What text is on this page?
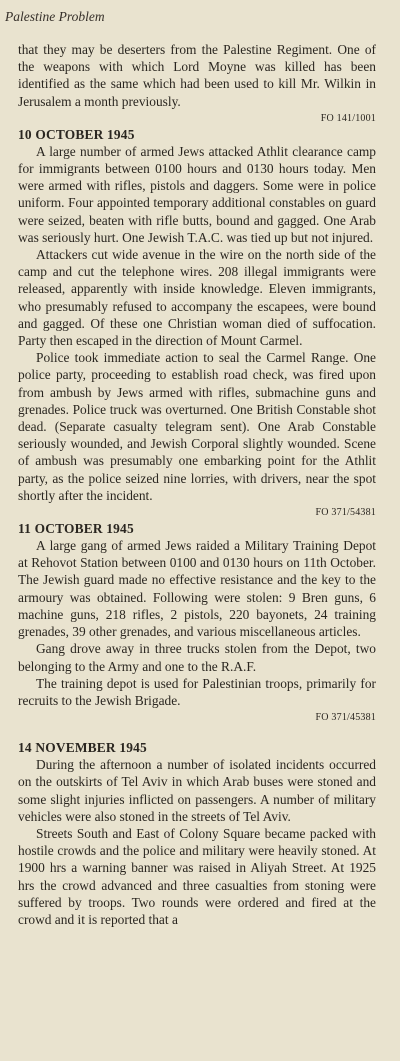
Palestine Problem

that they may be deserters from the Palestine Regiment. One of the weapons with which Lord Moyne was killed has been identified as the same which had been used to kill Mr. Wilkin in Jerusalem a month previously.

FO 141/1001
10 OCTOBER 1945

A large number of armed Jews attacked Athlit clearance camp for immigrants between 0100 hours and 0130 hours today. Men were armed with rifles, pistols and daggers. Some were in police uniform. Four appointed temporary additional constables on guard were seized, beaten with rifle butts, bound and gagged. One Arab was seriously hurt. One Jewish T.A.C. was tied up but not injured.

Attackers cut wide avenue in the wire on the north side of the camp and cut the telephone wires. 208 illegal immigrants were released, apparently with inside knowledge. Eleven immigrants, who presumably refused to accompany the escapees, were bound and gagged. Of these one Christian woman died of suffocation. Party then escaped in the direction of Mount Carmel.

Police took immediate action to seal the Carmel Range. One police party, proceeding to establish road check, was fired upon from ambush by Jews armed with rifles, submachine guns and grenades. Police truck was overturned. One British Constable shot dead. (Separate casualty telegram sent). One Arab Constable seriously wounded, and Jewish Corporal slightly wounded. Scene of ambush was presumably one embarking point for the Athlit party, as the police seized nine lorries, with drivers, near the spot shortly after the incident.

FO 371/54381
11 OCTOBER 1945

A large gang of armed Jews raided a Military Training Depot at Rehovot Station between 0100 and 0130 hours on 11th October. The Jewish guard made no effective resistance and the key to the armoury was obtained. Following were stolen: 9 Bren guns, 6 machine guns, 218 rifles, 2 pistols, 220 bayonets, 24 training grenades, 39 other grenades, and various miscellaneous articles.

Gang drove away in three trucks stolen from the Depot, two belonging to the Army and one to the R.A.F.

The training depot is used for Palestinian troops, primarily for recruits to the Jewish Brigade.

FO 371/45381
14 NOVEMBER 1945

During the afternoon a number of isolated incidents occurred on the outskirts of Tel Aviv in which Arab buses were stoned and some slight injuries inflicted on passengers. A number of military vehicles were also stoned in the streets of Tel Aviv.

Streets South and East of Colony Square became packed with hostile crowds and the police and military were heavily stoned. At 1900 hrs a warning banner was raised in Aliyah Street. At 1925 hrs the crowd advanced and three casualties from stoning were suffered by troops. Two rounds were ordered and fired at the crowd and it is reported that a
